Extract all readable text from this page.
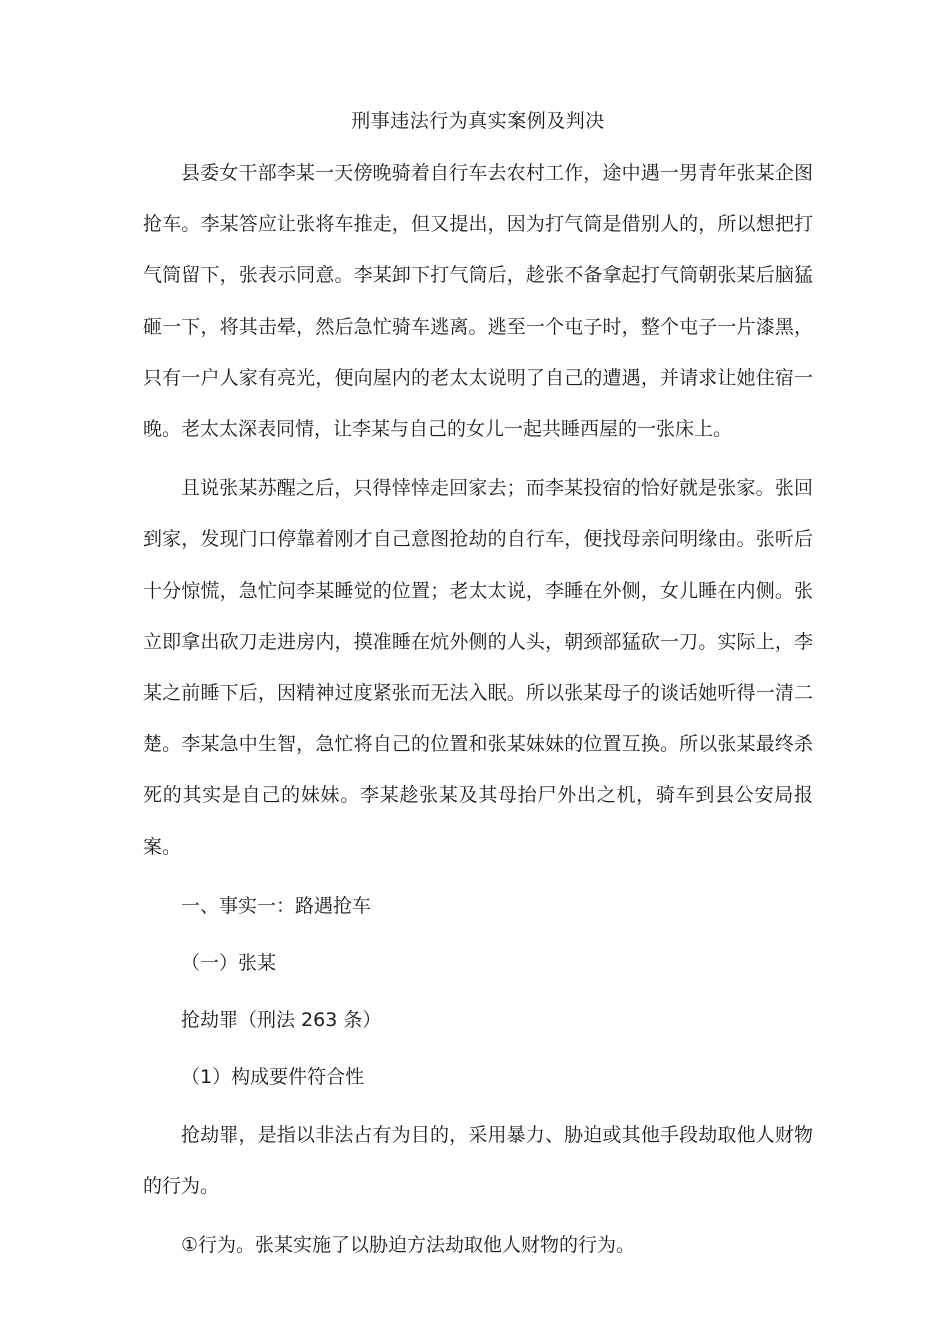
刑事违法行为真实案例及判决

县委女干部李某一天傍晚骑着自行车去农村工作，途中遇一男青年张某企图抢车。李某答应让张将车推走，但又提出，因为打气筒是借别人的，所以想把打气筒留下，张表示同意。李某卸下打气筒后，趁张不备拿起打气筒朝张某后脑猛砸一下，将其击晕，然后急忙骑车逃离。逃至一个屯子时，整个屯子一片漆黑，只有一户人家有亮光，便向屋内的老太太说明了自己的遭遇，并请求让她住宿一晚。老太太深表同情，让李某与自己的女儿一起共睡西屋的一张床上。

且说张某苏醒之后，只得悻悻走回家去；而李某投宿的恰好就是张家。张回到家，发现门口停靠着刚才自己意图抢劫的自行车，便找母亲问明缘由。张听后十分惊慌，急忙问李某睡觉的位置；老太太说，李睡在外侧，女儿睡在内侧。张立即拿出砍刀走进房内，摸准睡在炕外侧的人头，朝颈部猛砍一刀。实际上，李某之前睡下后，因精神过度紧张而无法入眠。所以张某母子的谈话她听得一清二楚。李某急中生智，急忙将自己的位置和张某妹妹的位置互换。所以张某最终杀死的其实是自己的妹妹。李某趁张某及其母抬尸外出之机，骑车到县公安局报案。

一、事实一：路遇抢车

（一）张某

抢劫罪（刑法 263 条）

（1）构成要件符合性

抢劫罪，是指以非法占有为目的，采用暴力、胁迫或其他手段劫取他人财物的行为。

①行为。张某实施了以胁迫方法劫取他人财物的行为。
